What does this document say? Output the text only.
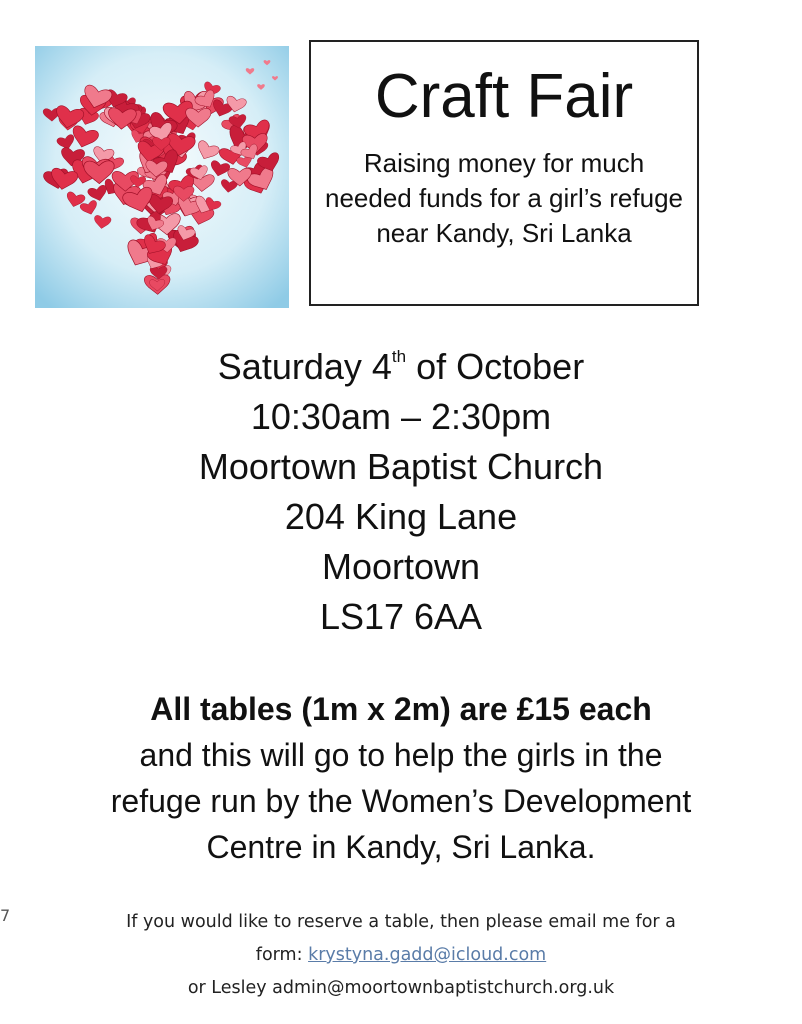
Craft Fair
Raising money for much needed funds for a girl’s refuge near Kandy, Sri Lanka
Saturday 4th of October
10:30am – 2:30pm
Moortown Baptist Church
204 King Lane
Moortown
LS17 6AA
All tables (1m x 2m) are £15 each
and this will go to help the girls in the
refuge run by the Women’s Development
Centre in Kandy, Sri Lanka.
7	If you would like to reserve a table, then please email me for a
form: krystyna.gadd@icloud.com
or Lesley admin@moortownbaptistchurch.org.uk
